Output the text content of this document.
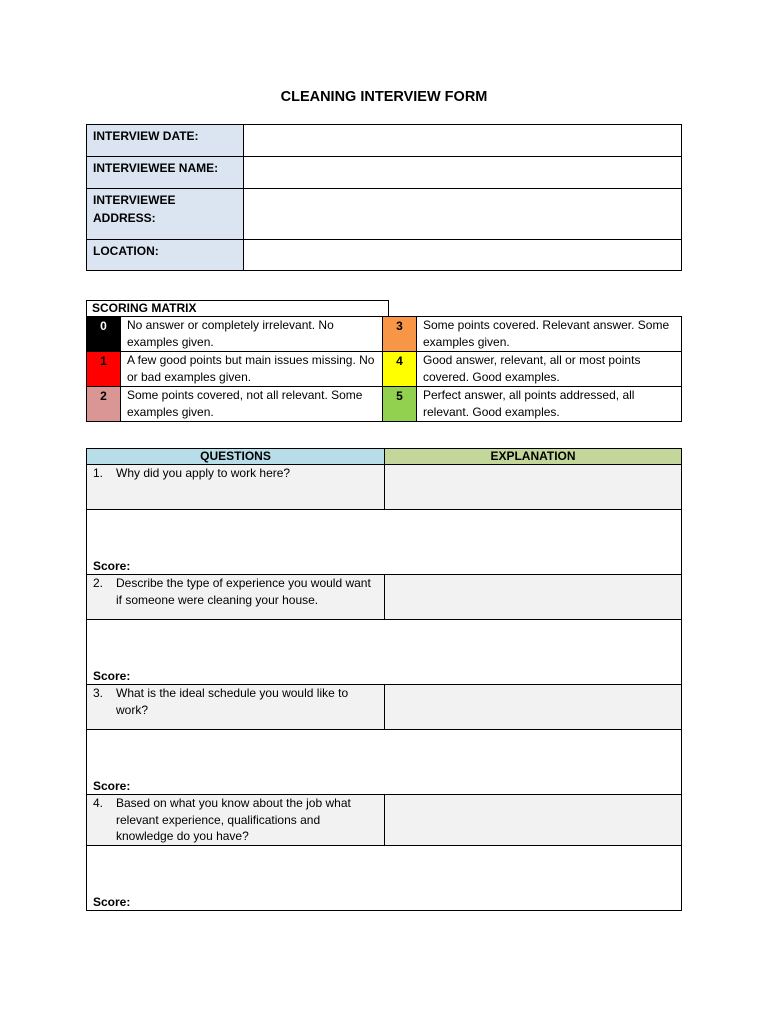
CLEANING INTERVIEW FORM
INTERVIEW DATE:	
INTERVIEWEE NAME:	
INTERVIEWEE ADDRESS:	
LOCATION:	
SCORING MATRIX
0	No answer or completely irrelevant. No examples given.	3	Some points covered. Relevant answer. Some examples given.
1	A few good points but main issues missing. No or bad examples given.	4	Good answer, relevant, all or most points covered. Good examples.
2	Some points covered, not all relevant. Some examples given.	5	Perfect answer, all points addressed, all relevant. Good examples.
QUESTIONS	EXPLANATION

1. Why did you apply to work here?	

Score:	

2. Describe the type of experience you would want if someone were cleaning your house.	

Score:	

3. What is the ideal schedule you would like to work?	

Score:	

4. Based on what you know about the job what relevant experience, qualifications and knowledge do you have?	

Score:	
